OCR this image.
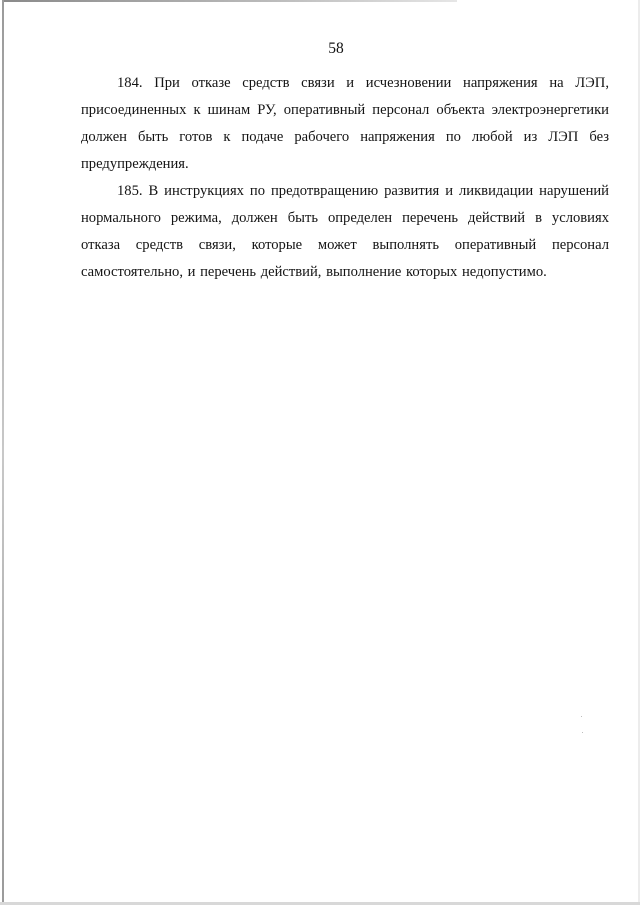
58

184. При отказе средств связи и исчезновении напряжения на ЛЭП, присоединенных к шинам РУ, оперативный персонал объекта электроэнергетики должен быть готов к подаче рабочего напряжения по любой из ЛЭП без предупреждения.

185. В инструкциях по предотвращению развития и ликвидации нарушений нормального режима, должен быть определен перечень действий в условиях отказа средств связи, которые может выполнять оперативный персонал самостоятельно, и перечень действий, выполнение которых недопустимо.
